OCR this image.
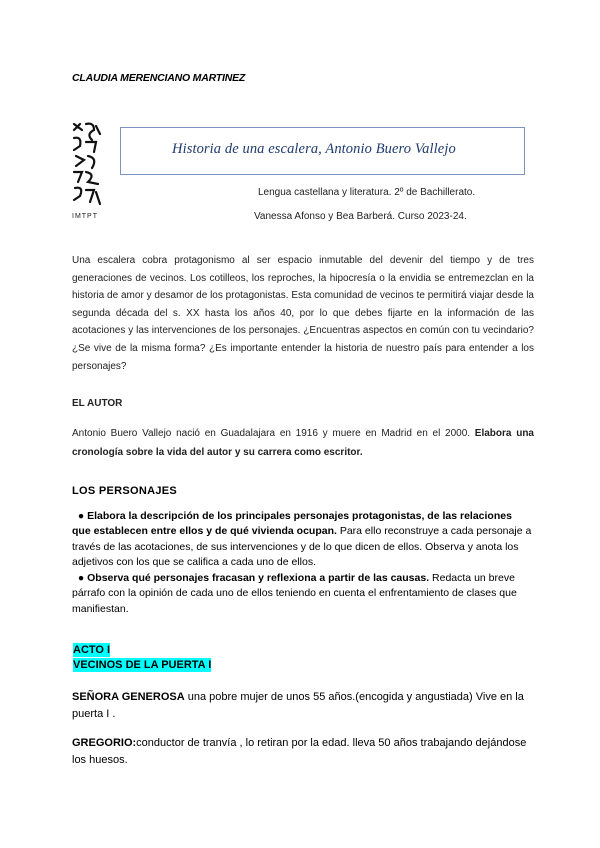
CLAUDIA MERENCIANO MARTINEZ
IMTPT
Historia de una escalera, Antonio Buero Vallejo
Lengua castellana y literatura. 2º de Bachillerato.
Vanessa Afonso y Bea Barberá. Curso 2023-24.
Una escalera cobra protagonismo al ser espacio inmutable del devenir del tiempo y de tres generaciones de vecinos. Los cotilleos, los reproches, la hipocresía o la envidia se entremezclan en la historia de amor y desamor de los protagonistas. Esta comunidad de vecinos te permitirá viajar desde la segunda década del s. XX hasta los años 40, por lo que debes fijarte en la información de las acotaciones y las intervenciones de los personajes. ¿Encuentras aspectos en común con tu vecindario? ¿Se vive de la misma forma? ¿Es importante entender la historia de nuestro país para entender a los personajes?
EL AUTOR
Antonio Buero Vallejo nació en Guadalajara en 1916 y muere en Madrid en el 2000. Elabora una cronología sobre la vida del autor y su carrera como escritor.
LOS PERSONAJES
● Elabora la descripción de los principales personajes protagonistas, de las relaciones que establecen entre ellos y de qué vivienda ocupan. Para ello reconstruye a cada personaje a través de las acotaciones, de sus intervenciones y de lo que dicen de ellos. Observa y anota los adjetivos con los que se califica a cada uno de ellos.
● Observa qué personajes fracasan y reflexiona a partir de las causas. Redacta un breve párrafo con la opinión de cada uno de ellos teniendo en cuenta el enfrentamiento de clases que manifiestan.
ACTO I
VECINOS DE LA PUERTA I
SEÑORA GENEROSA una pobre mujer de unos 55 años.(encogida y angustiada) Vive en la puerta I .
GREGORIO:conductor de tranvía , lo retiran por la edad. lleva 50 años trabajando dejándose los huesos.
